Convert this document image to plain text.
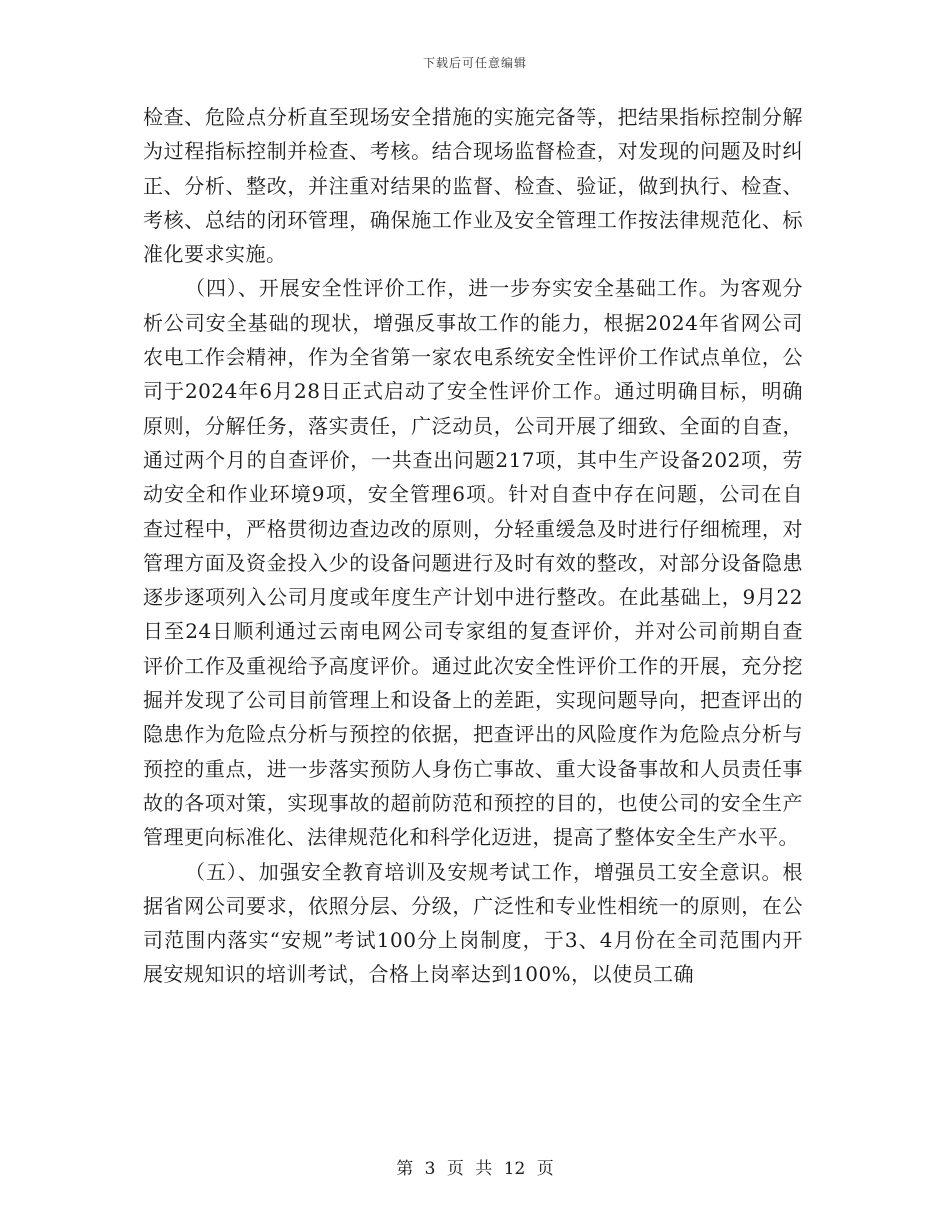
下载后可任意编辑

检查、危险点分析直至现场安全措施的实施完备等，把结果指标控制分解为过程指标控制并检查、考核。结合现场监督检查，对发现的问题及时纠正、分析、整改，并注重对结果的监督、检查、验证，做到执行、检查、考核、总结的闭环管理，确保施工作业及安全管理工作按法律规范化、标准化要求实施。

（四）、开展安全性评价工作，进一步夯实安全基础工作。为客观分析公司安全基础的现状，增强反事故工作的能力，根据2024年省网公司农电工作会精神，作为全省第一家农电系统安全性评价工作试点单位，公司于2024年6月28日正式启动了安全性评价工作。通过明确目标，明确原则，分解任务，落实责任，广泛动员，公司开展了细致、全面的自查，通过两个月的自查评价，一共查出问题217项，其中生产设备202项，劳动安全和作业环境9项，安全管理6项。针对自查中存在问题，公司在自查过程中，严格贯彻边查边改的原则，分轻重缓急及时进行仔细梳理，对管理方面及资金投入少的设备问题进行及时有效的整改，对部分设备隐患逐步逐项列入公司月度或年度生产计划中进行整改。在此基础上，9月22日至24日顺利通过云南电网公司专家组的复查评价，并对公司前期自查评价工作及重视给予高度评价。通过此次安全性评价工作的开展，充分挖掘并发现了公司目前管理上和设备上的差距，实现问题导向，把查评出的隐患作为危险点分析与预控的依据，把查评出的风险度作为危险点分析与预控的重点，进一步落实预防人身伤亡事故、重大设备事故和人员责任事故的各项对策，实现事故的超前防范和预控的目的，也使公司的安全生产管理更向标准化、法律规范化和科学化迈进，提高了整体安全生产水平。

（五）、加强安全教育培训及安规考试工作，增强员工安全意识。根据省网公司要求，依照分层、分级，广泛性和专业性相统一的原则，在公司范围内落实“安规”考试100分上岗制度，于3、4月份在全司范围内开展安规知识的培训考试，合格上岗率达到100%，以使员工确

第 3 页 共 12 页
